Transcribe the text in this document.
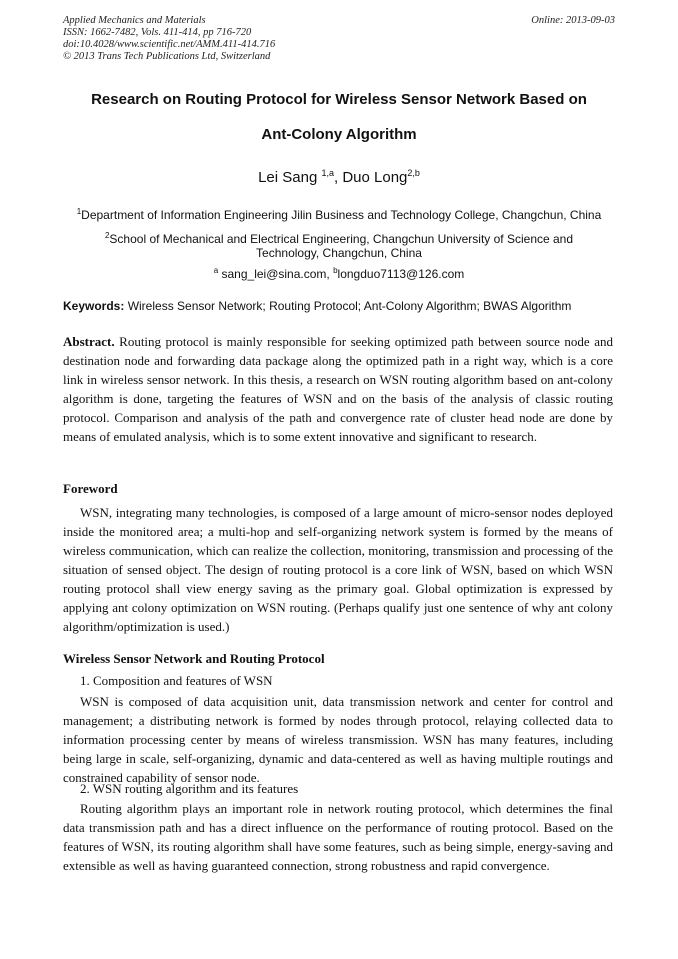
Applied Mechanics and Materials
ISSN: 1662-7482, Vols. 411-414, pp 716-720
doi:10.4028/www.scientific.net/AMM.411-414.716
© 2013 Trans Tech Publications Ltd, Switzerland
Online: 2013-09-03
Research on Routing Protocol for Wireless Sensor Network Based on
Ant-Colony Algorithm
Lei Sang $^{1,a}$, Duo Long$^{2,b}$
$^1$Department of Information Engineering Jilin Business and Technology College, Changchun, China
$^2$School of Mechanical and Electrical Engineering, Changchun University of Science and
Technology, Changchun, China
$^a$ sang_lei@sina.com, $^b$longduo7113@126.com
Keywords: Wireless Sensor Network; Routing Protocol; Ant-Colony Algorithm; BWAS Algorithm
Abstract. Routing protocol is mainly responsible for seeking optimized path between source node and destination node and forwarding data package along the optimized path in a right way, which is a core link in wireless sensor network. In this thesis, a research on WSN routing algorithm based on ant-colony algorithm is done, targeting the features of WSN and on the basis of the analysis of classic routing protocol. Comparison and analysis of the path and convergence rate of cluster head node are done by means of emulated analysis, which is to some extent innovative and significant to research.
Foreword
WSN, integrating many technologies, is composed of a large amount of micro-sensor nodes deployed inside the monitored area; a multi-hop and self-organizing network system is formed by the means of wireless communication, which can realize the collection, monitoring, transmission and processing of the situation of sensed object. The design of routing protocol is a core link of WSN, based on which WSN routing protocol shall view energy saving as the primary goal. Global optimization is expressed by applying ant colony optimization on WSN routing. (Perhaps qualify just one sentence of why ant colony algorithm/optimization is used.)
Wireless Sensor Network and Routing Protocol
1. Composition and features of WSN
WSN is composed of data acquisition unit, data transmission network and center for control and management; a distributing network is formed by nodes through protocol, relaying collected data to information processing center by means of wireless transmission. WSN has many features, including being large in scale, self-organizing, dynamic and data-centered as well as having multiple routings and constrained capability of sensor node.
2. WSN routing algorithm and its features
Routing algorithm plays an important role in network routing protocol, which determines the final data transmission path and has a direct influence on the performance of routing protocol. Based on the features of WSN, its routing algorithm shall have some features, such as being simple, energy-saving and extensible as well as having guaranteed connection, strong robustness and rapid convergence.
